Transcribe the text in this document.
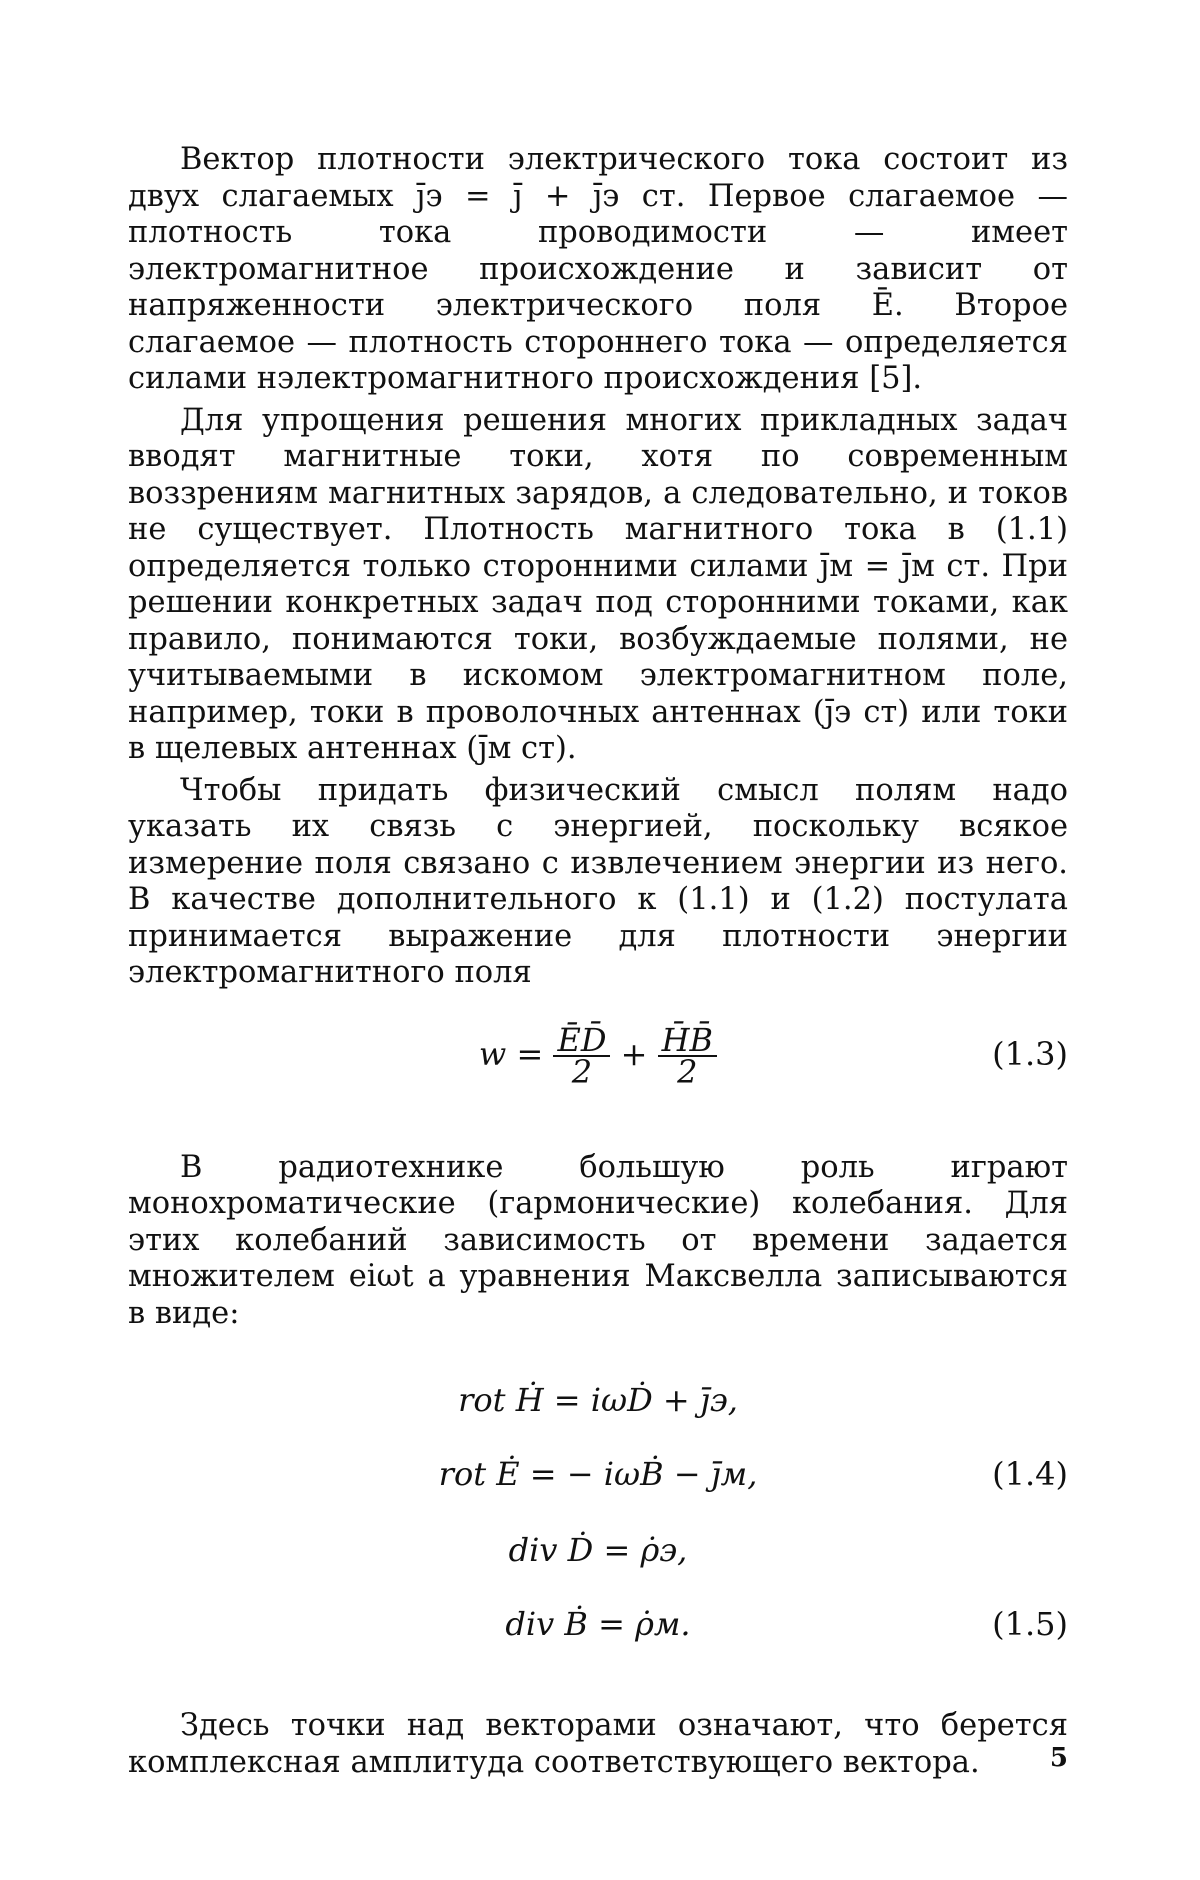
Вектор плотности электрического тока состоит из двух слагаемых j̄э = j̄ + j̄э ст. Первое слагаемое — плотность тока проводимости — имеет электромагнитное происхождение и зависит от напряженности электрического поля Ē. Второе слагаемое — плотность стороннего тока — определяется силами нэлектромагнитного происхождения [5].

Для упрощения решения многих прикладных задач вводят магнитные токи, хотя по современным воззрениям магнитных зарядов, а следовательно, и токов не существует. Плотность магнитного тока в (1.1) определяется только сторонними силами j̄м = j̄м ст. При решении конкретных задач под сторонними токами, как правило, понимаются токи, возбуждаемые полями, не учитываемыми в искомом электромагнитном поле, например, токи в проволочных антеннах (j̄э ст) или токи в щелевых антеннах (j̄м ст).

Чтобы придать физический смысл полям надо указать их связь с энергией, поскольку всякое измерение поля связано с извлечением энергии из него. В качестве дополнительного к (1.1) и (1.2) постулата принимается выражение для плотности энергии электромагнитного поля

$w = \frac{ĒD̄}{2} + \frac{H̄B̄}{2}$	(1.3)

В радиотехнике большую роль играют монохроматические (гармонические) колебания. Для этих колебаний зависимость от времени задается множителем eiωt а уравнения Максвелла записываются в виде:

rot Ḣ = iωḊ + j̄э,
rot Ė = − iωḂ − j̄м,	(1.4)
div Ḋ = ρ̇э,
div Ḃ = ρ̇м.	(1.5)

Здесь точки над векторами означают, что берется комплексная амплитуда соответствующего вектора.	5
